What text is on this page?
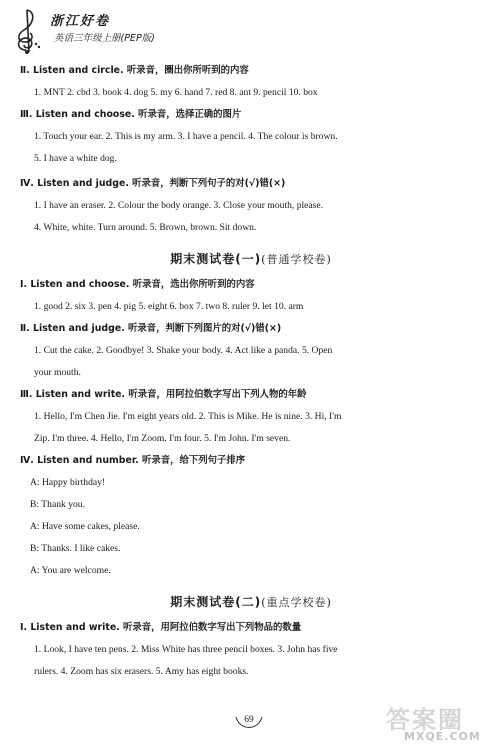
浙江好卷
英语三年级上册(PEP版)

Ⅱ. Listen and circle. 听录音，圈出你所听到的内容

1. MNT 2. cbd 3. book 4. dog 5. my 6. hand 7. red 8. ant 9. pencil 10. box

Ⅲ. Listen and choose. 听录音，选择正确的图片

1. Touch your ear. 2. This is my arm. 3. I have a pencil. 4. The colour is brown.

5. I have a white dog.

Ⅳ. Listen and judge. 听录音，判断下列句子的对(√)错(×)

1. I have an eraser. 2. Colour the body orange. 3. Close your mouth, please.

4. White, white. Turn around. 5. Brown, brown. Sit down.

期末测试卷(一)(普通学校卷)

Ⅰ. Listen and choose. 听录音，选出你所听到的内容

1. good 2. six 3. pen 4. pig 5. eight 6. box 7. two 8. ruler 9. let 10. arm

Ⅱ. Listen and judge. 听录音，判断下列图片的对(√)错(×)

1. Cut the cake. 2. Goodbye! 3. Shake your body. 4. Act like a panda. 5. Open

your mouth.

Ⅲ. Listen and write. 听录音，用阿拉伯数字写出下列人物的年龄

1. Hello, I'm Chen Jie. I'm eight years old. 2. This is Mike. He is nine. 3. Hi, I'm

Zip. I'm three. 4. Hello, I'm Zoom. I'm four. 5. I'm John. I'm seven.

Ⅳ. Listen and number. 听录音，给下列句子排序

A: Happy birthday!

B: Thank you.

A: Have some cakes, please.

B: Thanks. I like cakes.

A: You are welcome.

期末测试卷(二)(重点学校卷)

Ⅰ. Listen and write. 听录音，用阿拉伯数字写出下列物品的数量

1. Look, I have ten pens. 2. Miss White has three pencil boxes. 3. John has five

rulers. 4. Zoom has six erasers. 5. Amy has eight books.

69	答案圈
MXQE.COM
